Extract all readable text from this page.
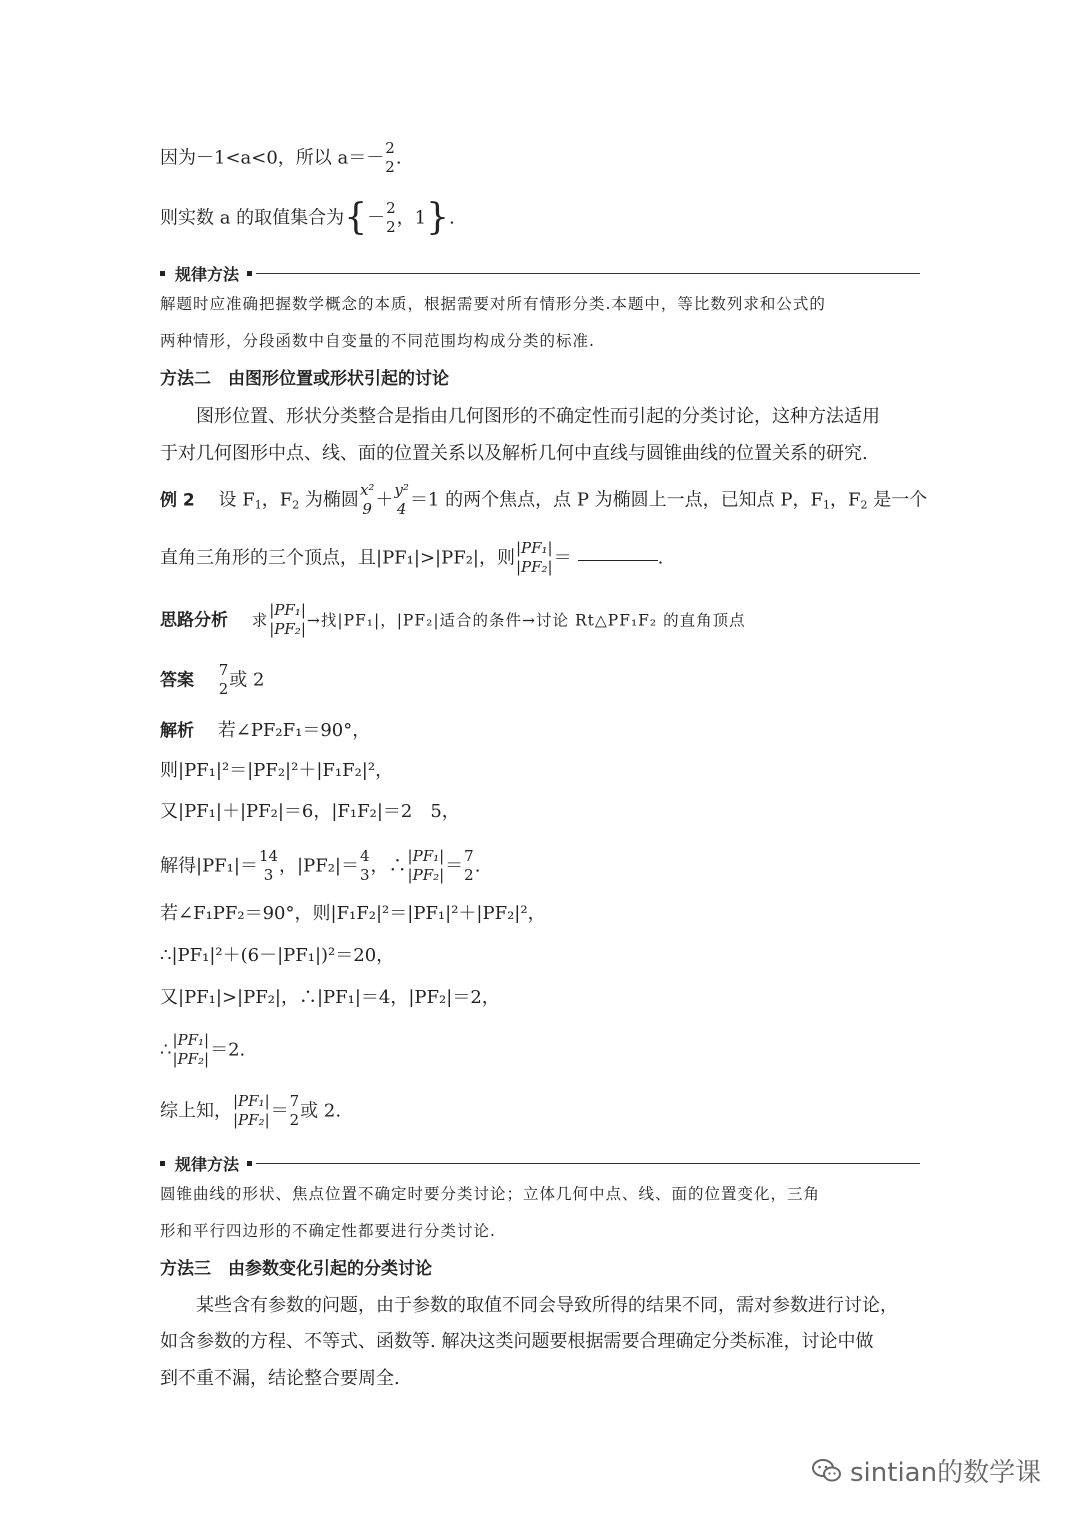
因为－1<a<0，所以 a＝－ 2
2 .
则实数 a 的取值集合为{－ 2
2 ，1}.
规律方法
解题时应准确把握数学概念的本质，根据需要对所有情形分类.本题中，等比数列求和公式的
两种情形，分段函数中自变量的不同范围均构成分类的标准.
方法二　由图形位置或形状引起的讨论
　　图形位置、形状分类整合是指由几何图形的不确定性而引起的分类讨论，这种方法适用
于对几何图形中点、线、面的位置关系以及解析几何中直线与圆锥曲线的位置关系的研究.
例 2　 设 $F_1$，$F_2$ 为椭圆 x²
9 ＋ y²
4 ＝1 的两个焦点，点 P 为椭圆上一点，已知点 P，$F_1$，$F_2$ 是一个
直角三角形的三个顶点，且|PF₁|>|PF₂|，则 |PF₁|
|PF₂| ＝	.
思路分析　 求
|PF₁|
|PF₂| →找|PF₁|，|PF₂|适合的条件→讨论 Rt△PF₁F₂ 的直角顶点
答案　
7
2 或 2
解析　 若∠PF₂F₁＝90°，
则|PF₁|²＝|PF₂|²＋|F₁F₂|²，
又|PF₁|＋|PF₂|＝6，|F₁F₂|＝2　5，
解得|PF₁|＝ 14
3 ，|PF₂|＝ 4
3 ，∴ |PF₁|
|PF₂| ＝ 7
2 .
若∠F₁PF₂＝90°，则|F₁F₂|²＝|PF₁|²＋|PF₂|²，
∴|PF₁|²＋(6－|PF₁|)²＝20，
又|PF₁|>|PF₂|，∴|PF₁|＝4，|PF₂|＝2，
∴ |PF₁|
|PF₂| ＝2.
综上知， |PF₁|
|PF₂| ＝ 7
2 或 2.
规律方法
圆锥曲线的形状、焦点位置不确定时要分类讨论；立体几何中点、线、面的位置变化，三角
形和平行四边形的不确定性都要进行分类讨论.
方法三　由参数变化引起的分类讨论
　　某些含有参数的问题，由于参数的取值不同会导致所得的结果不同，需对参数进行讨论，
如含参数的方程、不等式、函数等. 解决这类问题要根据需要合理确定分类标准，讨论中做
到不重不漏，结论整合要周全.
sintian的数学课
